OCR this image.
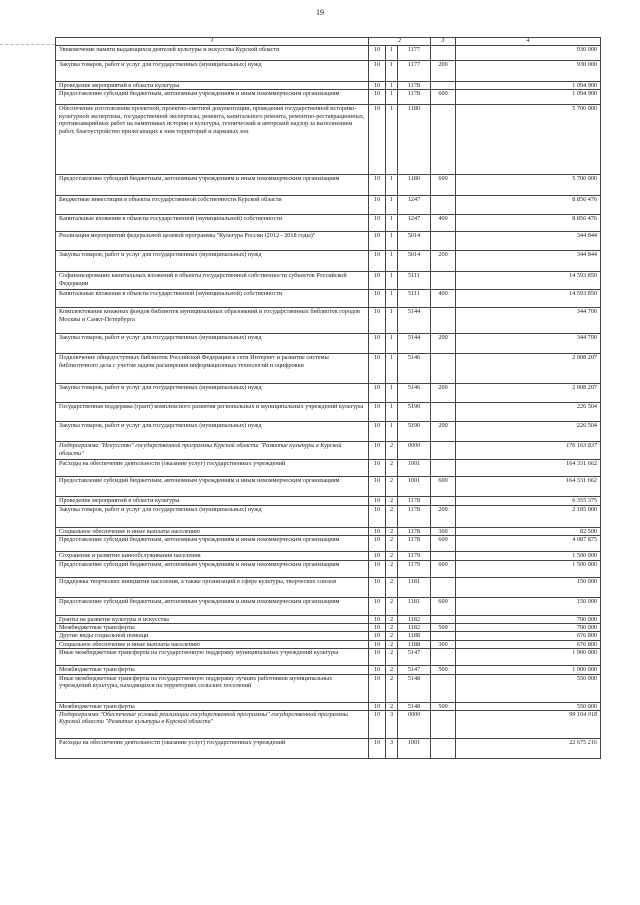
19
1	2			3	4
Увековечение памяти выдающихся деятелей культуры и искусства Курской области	10	1	1177		930 000
Закупка товаров, работ и услуг для государственных (муниципальных) нужд	10	1	1177	200	930 000
Проведение мероприятий в области культуры	10	1	1178		1 094 900
Предоставление субсидий бюджетным, автономным учреждениям и иным некоммерческим организациям	10	1	1178	600	1 094 900
Обеспечение изготовления проектной, проектно-сметной документации, проведения государственной историко-культурной экспертизы, государственной экспертизы, ремонта, капитального ремонта, ремонтно-реставрационных, противоаварийных работ на памятниках истории и культуры, технический и авторский надзор за выполнением работ, благоустройство прилегающих к ним территорий и парковых зон	10	1	1180		5 700 000
Предоставление субсидий бюджетным, автономным учреждениям и иным некоммерческим организациям	10	1	1180	600	5 700 000
Бюджетные инвестиции в объекты государственной собственности Курской области	10	1	1247		8 856 476
Капитальные вложения в объекты государственной (муниципальной) собственности	10	1	1247	400	8 856 476
Реализация мероприятий федеральной целевой программы "Культура России (2012 - 2018 годы)"	10	1	5014		344 844
Закупка товаров, работ и услуг для государственных (муниципальных) нужд	10	1	5014	200	344 844
Софинансирование капитальных вложений в объекты государственной собственности субъектов Российской Федерации	10	1	5111		14 593 850
Капитальные вложения в объекты государственной (муниципальной) собственности	10	1	5111	400	14 593 850
Комплектование книжных фондов библиотек муниципальных образований и государственных библиотек городов Москвы и Санкт-Петербурга	10	1	5144		344 700
Закупка товаров, работ и услуг для государственных (муниципальных) нужд	10	1	5144	200	344 700
Подключение общедоступных библиотек Российской Федерации к сети Интернет и развитие системы библиотечного дела с учетом задачи расширения информационных технологий и оцифровки	10	1	5146		2 008 207
Закупка товаров, работ и услуг для государственных (муниципальных) нужд	10	1	5146	200	2 008 207
Государственная поддержка (грант) комплексного развития региональных и муниципальных учреждений культуры	10	1	5190		226 504
Закупка товаров, работ и услуг для государственных (муниципальных) нужд	10	1	5190	200	226 504
Подпрограмма "Искусство" государственной программы Курской области "Развитие культуры в Курской области"	10	2	0000		176 163 837
Расходы на обеспечение деятельности (оказание услуг) государственных учреждений	10	2	1001		164 331 662
Предоставление субсидий бюджетным, автономным учреждениям и иным некоммерческим организациям	10	2	1001	600	164 331 662
Проведение мероприятий в области культуры	10	2	1178		6 355 375
Закупка товаров, работ и услуг для государственных (муниципальных) нужд	10	2	1178	200	2 185 000
Социальное обеспечение и иные выплаты населению	10	2	1178	300	82 500
Предоставление субсидий бюджетным, автономным учреждениям и иным некоммерческим организациям	10	2	1178	600	4 087 875
Сохранение и развитие кинообслуживания населения	10	2	1179		1 500 000
Предоставление субсидий бюджетным, автономным учреждениям и иным некоммерческим организациям	10	2	1179	600	1 500 000
Поддержка творческих инициатив населения, а также организаций в сфере культуры, творческих союзов	10	2	1181		150 000
Предоставление субсидий бюджетным, автономным учреждениям и иным некоммерческим организациям	10	2	1181	600	150 000
Гранты на развитие культуры и искусства	10	2	1182		700 000
Межбюджетные трансферты	10	2	1182	500	700 000
Другие виды социальной помощи	10	2	1188		676 800
Социальное обеспечение и иные выплаты населению	10	2	1188	300	676 800
Иные межбюджетные трансферты на государственную поддержку муниципальных учреждений культуры	10	2	5147		1 900 000
Межбюджетные трансферты	10	2	5147	500	1 900 000
Иные межбюджетные трансферты на государственную поддержку лучших работников муниципальных учреждений культуры, находящихся на территориях сельских поселений	10	2	5148		550 000
Межбюджетные трансферты	10	2	5148	500	550 000
Подпрограмма "Обеспечение условий реализации государственной программы" государственной программы Курской области "Развитие культуры в Курской области"	10	3	0000		99 104 018
Расходы на обеспечение деятельности (оказание услуг) государственных учреждений	10	3	1001		22 675 216
